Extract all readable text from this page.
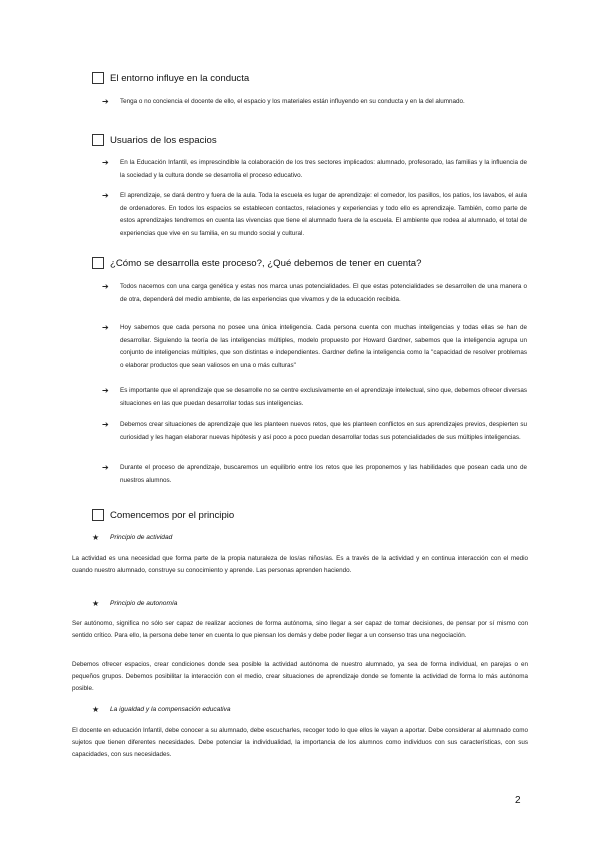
El entorno influye en la conducta
➔	Tenga o no conciencia el docente de ello, el espacio y los materiales están influyendo en su conducta y en la del alumnado.
Usuarios de los espacios
➔	En la Educación Infantil, es imprescindible la colaboración de los tres sectores implicados: alumnado, profesorado, las familias y la influencia de la sociedad y la cultura donde se desarrolla el proceso educativo.
➔	El aprendizaje, se dará dentro y fuera de la aula. Toda la escuela es lugar de aprendizaje: el comedor, los pasillos, los patios, los lavabos, el aula de ordenadores. En todos los espacios se establecen contactos, relaciones y experiencias y todo ello es aprendizaje. También, como parte de estos aprendizajes tendremos en cuenta las vivencias que tiene el alumnado fuera de la escuela. El ambiente que rodea al alumnado, el total de experiencias que vive en su familia, en su mundo social y cultural.
¿Cómo se desarrolla este proceso?, ¿Qué debemos de tener en cuenta?
➔	Todos nacemos con una carga genética y estas nos marca unas potencialidades. El que estas potencialidades se desarrollen de una manera o de otra, dependerá del medio ambiente, de las experiencias que vivamos y de la educación recibida.
➔	Hoy sabemos que cada persona no posee una única inteligencia. Cada persona cuenta con muchas inteligencias y todas ellas se han de desarrollar. Siguiendo la teoría de las inteligencias múltiples, modelo propuesto por Howard Gardner, sabemos que la inteligencia agrupa un conjunto de inteligencias múltiples, que son distintas e independientes. Gardner define la inteligencia como la "capacidad de resolver problemas o elaborar productos que sean valiosos en una o más culturas"
➔	Es importante que el aprendizaje que se desarrolle no se centre exclusivamente en el aprendizaje intelectual, sino que, debemos ofrecer diversas situaciones en las que puedan desarrollar todas sus inteligencias.
➔	Debemos crear situaciones de aprendizaje que les planteen nuevos retos, que les planteen conflictos en sus aprendizajes previos, despierten su curiosidad y les hagan elaborar nuevas hipótesis y así poco a poco puedan desarrollar todas sus potencialidades de sus múltiples inteligencias.
➔	Durante el proceso de aprendizaje, buscaremos un equilibrio entre los retos que les proponemos y las habilidades que posean cada uno de nuestros alumnos.
Comencemos por el principio
★	Principio de actividad
La actividad es una necesidad que forma parte de la propia naturaleza de los/as niños/as. Es a través de la actividad y en continua interacción con el medio cuando nuestro alumnado, construye su conocimiento y aprende. Las personas aprenden haciendo.
★	Principio de autonomía
Ser autónomo, significa no sólo ser capaz de realizar acciones de forma autónoma, sino llegar a ser capaz de tomar decisiones, de pensar por sí mismo con sentido crítico. Para ello, la persona debe tener en cuenta lo que piensan los demás y debe poder llegar a un consenso tras una negociación.
Debemos ofrecer espacios, crear condiciones donde sea posible la actividad autónoma de nuestro alumnado, ya sea de forma individual, en parejas o en pequeños grupos. Debemos posibilitar la interacción con el medio, crear situaciones de aprendizaje donde se fomente la actividad de forma lo más autónoma posible.
★	La igualdad y la compensación educativa
El docente en educación Infantil, debe conocer a su alumnado, debe escucharles, recoger todo lo que ellos le vayan a aportar. Debe considerar al alumnado como sujetos que tienen diferentes necesidades. Debe potenciar la individualidad, la importancia de los alumnos como individuos con sus características, con sus capacidades, con sus necesidades.
2
